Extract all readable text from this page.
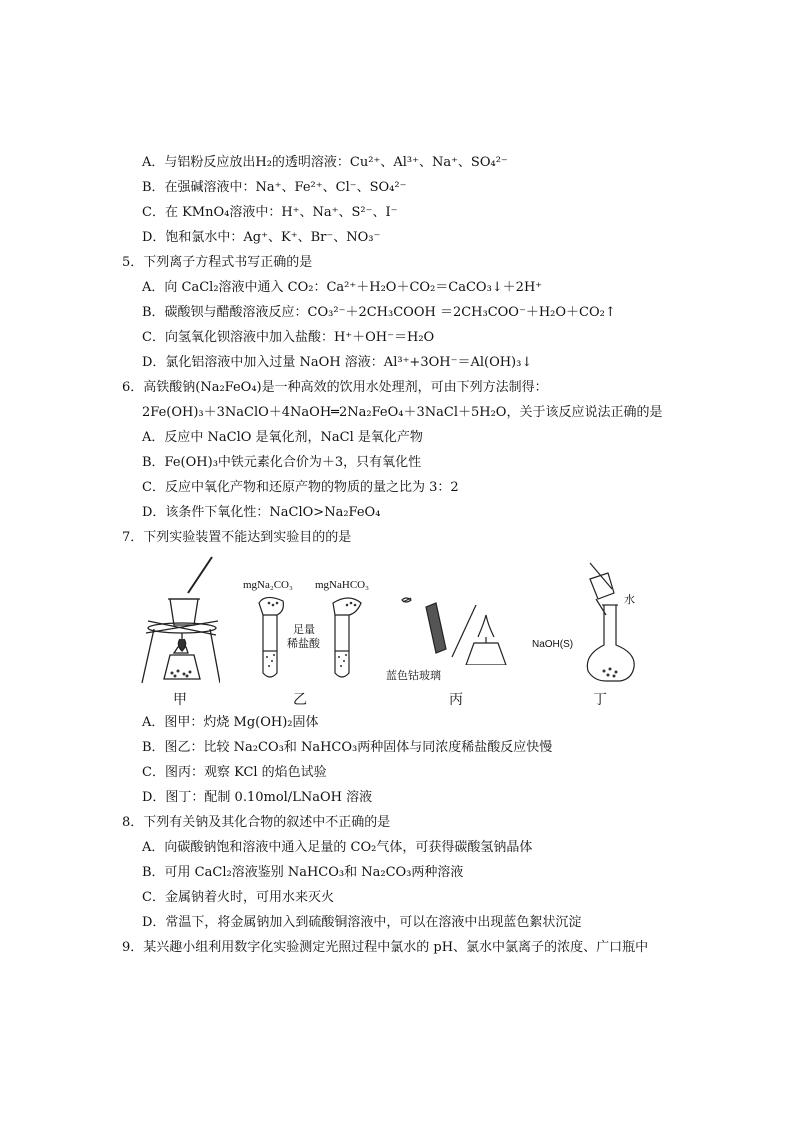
A．与铝粉反应放出H₂的透明溶液：Cu²⁺、Al³⁺、Na⁺、SO₄²⁻
B．在强碱溶液中：Na⁺、Fe²⁺、Cl⁻、SO₄²⁻
C．在 KMnO₄溶液中：H⁺、Na⁺、S²⁻、I⁻
D．饱和氯水中：Ag⁺、K⁺、Br⁻、NO₃⁻
5．下列离子方程式书写正确的是
A．向 CaCl₂溶液中通入 CO₂：Ca²⁺＋H₂O＋CO₂＝CaCO₃↓＋2H⁺
B．碳酸钡与醋酸溶液反应：CO₃²⁻＋2CH₃COOH ＝2CH₃COO⁻＋H₂O＋CO₂↑
C．向氢氧化钡溶液中加入盐酸：H⁺＋OH⁻＝H₂O
D．氯化铝溶液中加入过量 NaOH 溶液：Al³⁺+3OH⁻＝Al(OH)₃↓
6．高铁酸钠(Na₂FeO₄)是一种高效的饮用水处理剂，可由下列方法制得：
2Fe(OH)₃＋3NaClO＋4NaOH═2Na₂FeO₄＋3NaCl＋5H₂O，关于该反应说法正确的是
A．反应中 NaClO 是氧化剂，NaCl 是氧化产物
B．Fe(OH)₃中铁元素化合价为＋3，只有氧化性
C．反应中氧化产物和还原产物的物质的量之比为 3：2
D．该条件下氧化性：NaClO>Na₂FeO₄
7．下列实验装置不能达到实验目的的是
甲
mgNa₂CO₃ mgNaHCO₃
足量
稀盐酸
乙
蓝色钴玻璃
丙
水
NaOH(S)
丁
A．图甲：灼烧 Mg(OH)₂固体
B．图乙：比较 Na₂CO₃和 NaHCO₃两种固体与同浓度稀盐酸反应快慢
C．图丙：观察 KCl 的焰色试验
D．图丁：配制 0.10mol/LNaOH 溶液
8．下列有关钠及其化合物的叙述中不正确的是
A．向碳酸钠饱和溶液中通入足量的 CO₂气体，可获得碳酸氢钠晶体
B．可用 CaCl₂溶液鉴别 NaHCO₃和 Na₂CO₃两种溶液
C．金属钠着火时，可用水来灭火
D．常温下，将金属钠加入到硫酸铜溶液中，可以在溶液中出现蓝色絮状沉淀
9．某兴趣小组利用数字化实验测定光照过程中氯水的 pH、氯水中氯离子的浓度、广口瓶中
